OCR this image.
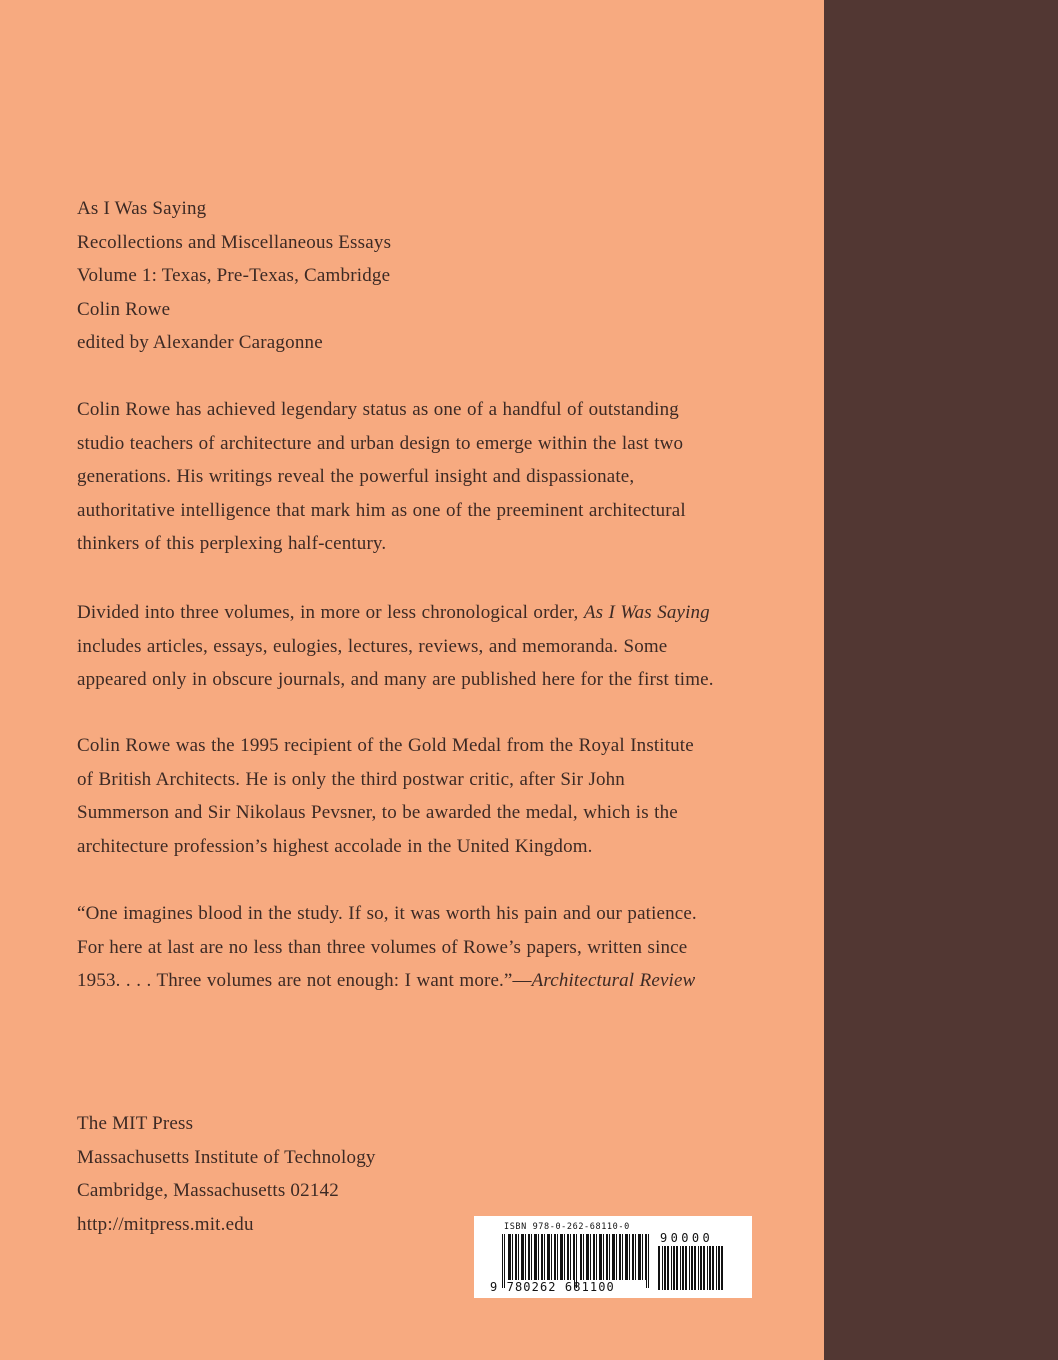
As I Was Saying
Recollections and Miscellaneous Essays
Volume 1: Texas, Pre-Texas, Cambridge
Colin Rowe
edited by Alexander Caragonne
Colin Rowe has achieved legendary status as one of a handful of outstanding
studio teachers of architecture and urban design to emerge within the last two
generations. His writings reveal the powerful insight and dispassionate,
authoritative intelligence that mark him as one of the preeminent architectural
thinkers of this perplexing half-century.
Divided into three volumes, in more or less chronological order, As I Was Saying
includes articles, essays, eulogies, lectures, reviews, and memoranda. Some
appeared only in obscure journals, and many are published here for the first time.
Colin Rowe was the 1995 recipient of the Gold Medal from the Royal Institute
of British Architects. He is only the third postwar critic, after Sir John
Summerson and Sir Nikolaus Pevsner, to be awarded the medal, which is the
architecture profession’s highest accolade in the United Kingdom.
“One imagines blood in the study. If so, it was worth his pain and our patience.
For here at last are no less than three volumes of Rowe’s papers, written since
1953. . . . Three volumes are not enough: I want more.”—Architectural Review
The MIT Press
Massachusetts Institute of Technology
Cambridge, Massachusetts 02142
http://mitpress.mit.edu	ISBN 978-0-262-68110-0
90000
9 780262 681100
